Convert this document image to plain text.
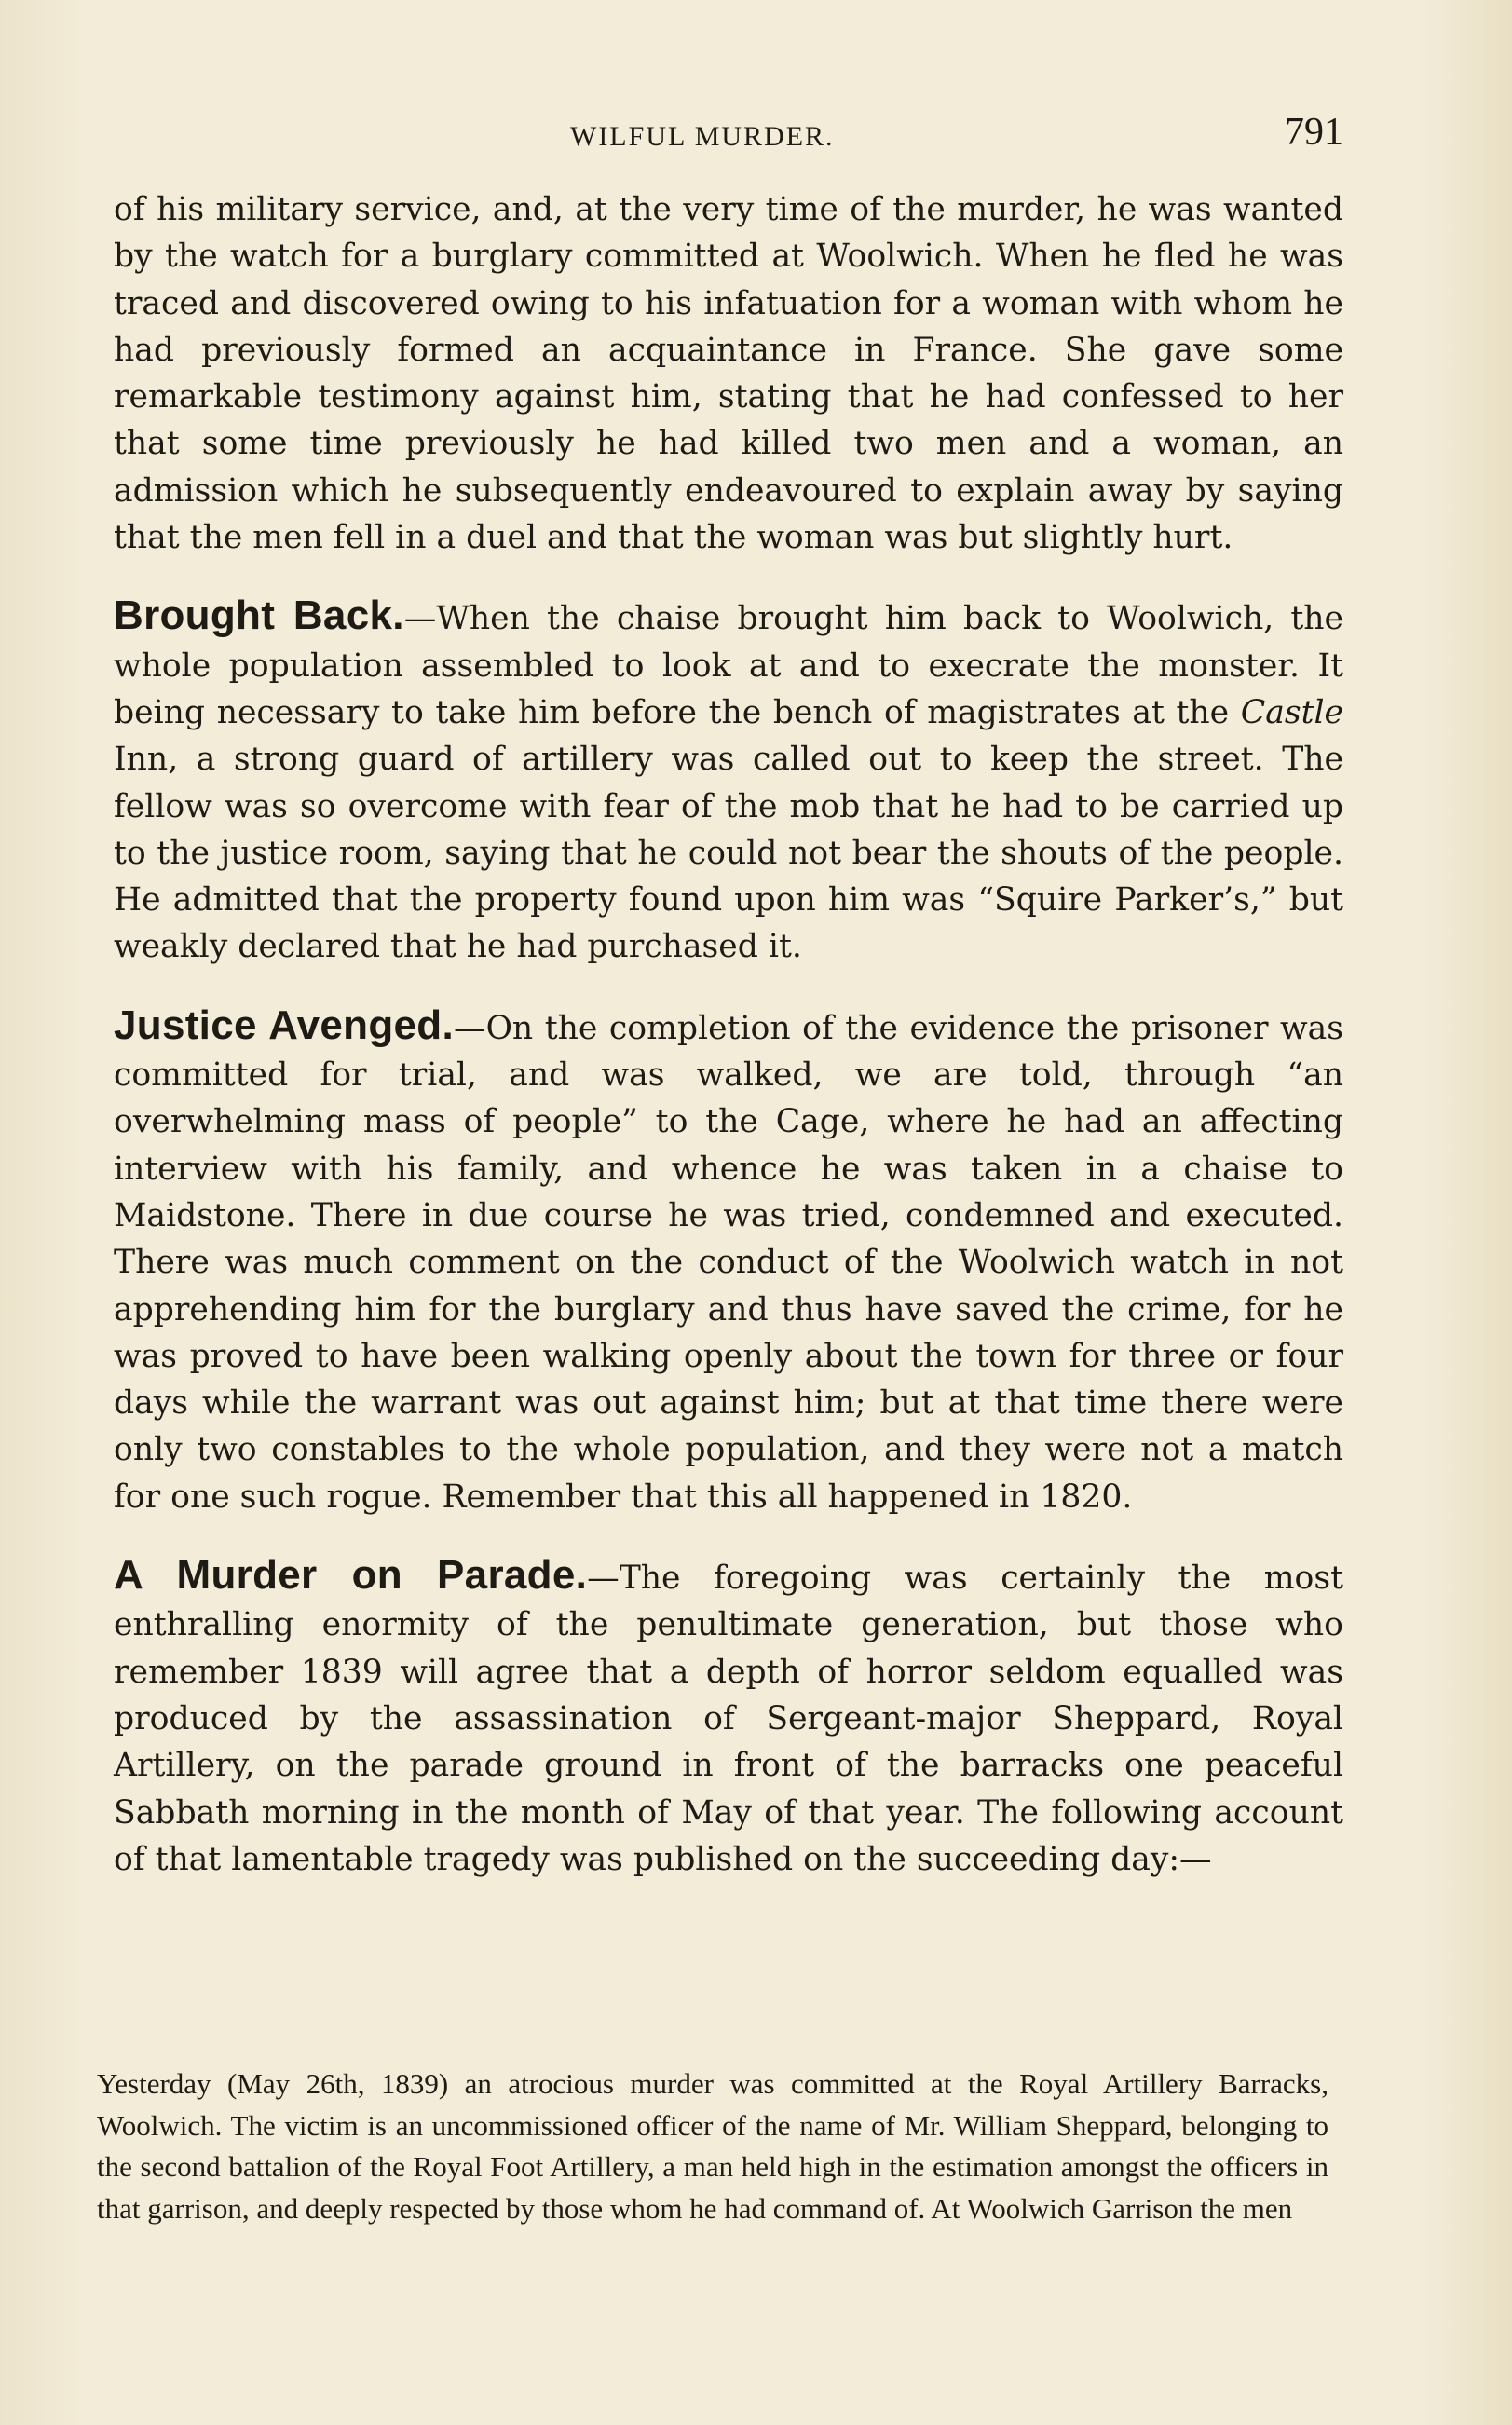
WILFUL MURDER.	791

of his military service, and, at the very time of the murder, he was wanted by the watch for a burglary committed at Woolwich. When he fled he was traced and discovered owing to his infatuation for a woman with whom he had previously formed an acquaintance in France. She gave some remarkable testimony against him, stating that he had confessed to her that some time previously he had killed two men and a woman, an admission which he subsequently endeavoured to explain away by saying that the men fell in a duel and that the woman was but slightly hurt.

Brought Back.—When the chaise brought him back to Woolwich, the whole population assembled to look at and to execrate the monster. It being necessary to take him before the bench of magistrates at the Castle Inn, a strong guard of artillery was called out to keep the street. The fellow was so overcome with fear of the mob that he had to be carried up to the justice room, saying that he could not bear the shouts of the people. He admitted that the property found upon him was “Squire Parker’s,” but weakly declared that he had purchased it.

Justice Avenged.—On the completion of the evidence the prisoner was committed for trial, and was walked, we are told, through “an overwhelming mass of people” to the Cage, where he had an affecting interview with his family, and whence he was taken in a chaise to Maidstone. There in due course he was tried, condemned and executed. There was much comment on the conduct of the Woolwich watch in not apprehending him for the burglary and thus have saved the crime, for he was proved to have been walking openly about the town for three or four days while the warrant was out against him; but at that time there were only two constables to the whole population, and they were not a match for one such rogue. Remember that this all happened in 1820.

A Murder on Parade.—The foregoing was certainly the most enthralling enormity of the penultimate generation, but those who remember 1839 will agree that a depth of horror seldom equalled was produced by the assassination of Sergeant-major Sheppard, Royal Artillery, on the parade ground in front of the barracks one peaceful Sabbath morning in the month of May of that year. The following account of that lamentable tragedy was published on the succeeding day:—

Yesterday (May 26th, 1839) an atrocious murder was committed at the Royal Artillery Barracks, Woolwich. The victim is an uncommissioned officer of the name of Mr. William Sheppard, belonging to the second battalion of the Royal Foot Artillery, a man held high in the estimation amongst the officers in that garrison, and deeply respected by those whom he had command of. At Woolwich Garrison the men
